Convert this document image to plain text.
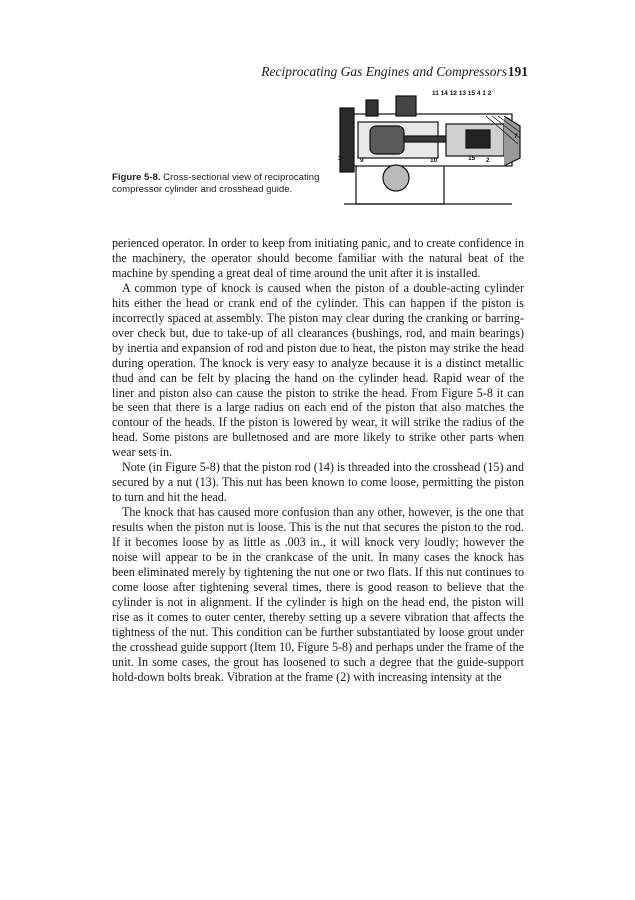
Reciprocating Gas Engines and Compressors 191
Figure 5-8. Cross-sectional view of reciprocating compressor cylinder and crosshead guide.
11 14 12 13 15 4 1 2
3	9	10	15 2
7

perienced operator. In order to keep from initiating panic, and to create confidence in the machinery, the operator should become familiar with the natural beat of the machine by spending a great deal of time around the unit after it is installed.

A common type of knock is caused when the piston of a double-acting cylinder hits either the head or crank end of the cylinder. This can happen if the piston is incorrectly spaced at assembly. The piston may clear during the cranking or barring-over check but, due to take-up of all clearances (bushings, rod, and main bearings) by inertia and expansion of rod and piston due to heat, the piston may strike the head during operation. The knock is very easy to analyze because it is a distinct metallic thud and can be felt by placing the hand on the cylinder head. Rapid wear of the liner and piston also can cause the piston to strike the head. From Figure 5-8 it can be seen that there is a large radius on each end of the piston that also matches the contour of the heads. If the piston is lowered by wear, it will strike the radius of the head. Some pistons are bulletnosed and are more likely to strike other parts when wear sets in.

Note (in Figure 5-8) that the piston rod (14) is threaded into the crosshead (15) and secured by a nut (13). This nut has been known to come loose, permitting the piston to turn and hit the head.

The knock that has caused more confusion than any other, however, is the one that results when the piston nut is loose. This is the nut that secures the piston to the rod. If it becomes loose by as little as .003 in., it will knock very loudly; however the noise will appear to be in the crankcase of the unit. In many cases the knock has been eliminated merely by tightening the nut one or two flats. If this nut continues to come loose after tightening several times, there is good reason to believe that the cylinder is not in alignment. If the cylinder is high on the head end, the piston will rise as it comes to outer center, thereby setting up a severe vibration that affects the tightness of the nut. This condition can be further substantiated by loose grout under the crosshead guide support (Item 10, Figure 5-8) and perhaps under the frame of the unit. In some cases, the grout has loosened to such a degree that the guide-support hold-down bolts break. Vibration at the frame (2) with increasing intensity at the
